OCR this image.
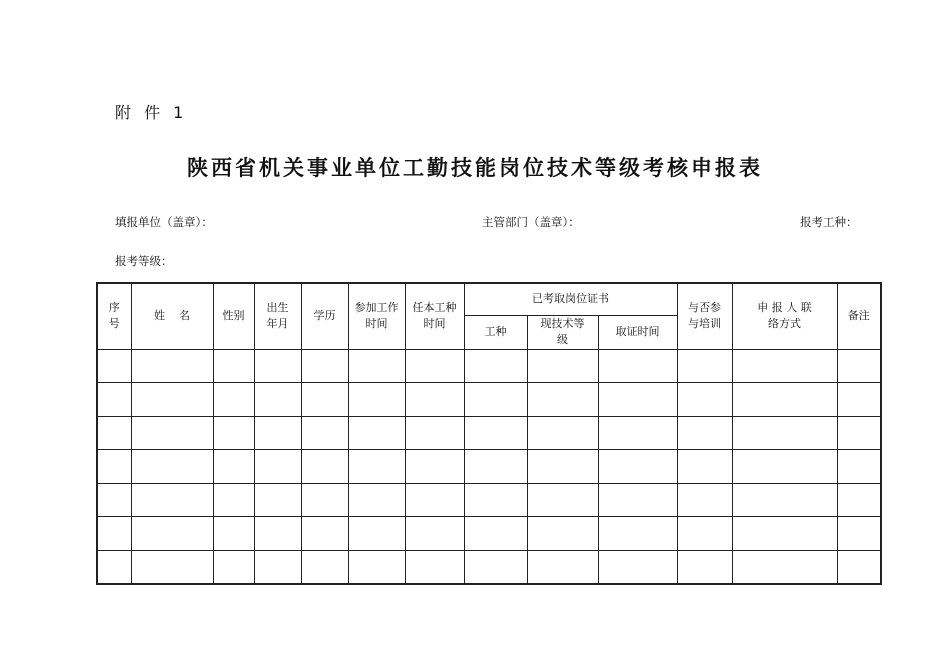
附 件 1
陕西省机关事业单位工勤技能岗位技术等级考核申报表
填报单位（盖章）：	主管部门（盖章）：	报考工种：
报考等级：
序号	姓    名	性别	出生年月	学历	参加工作时间	任本工种时间	已考取岗位证书			与否参与培训	申 报 人 联络方式	备注
							工种	现技术等级	取证时间			
